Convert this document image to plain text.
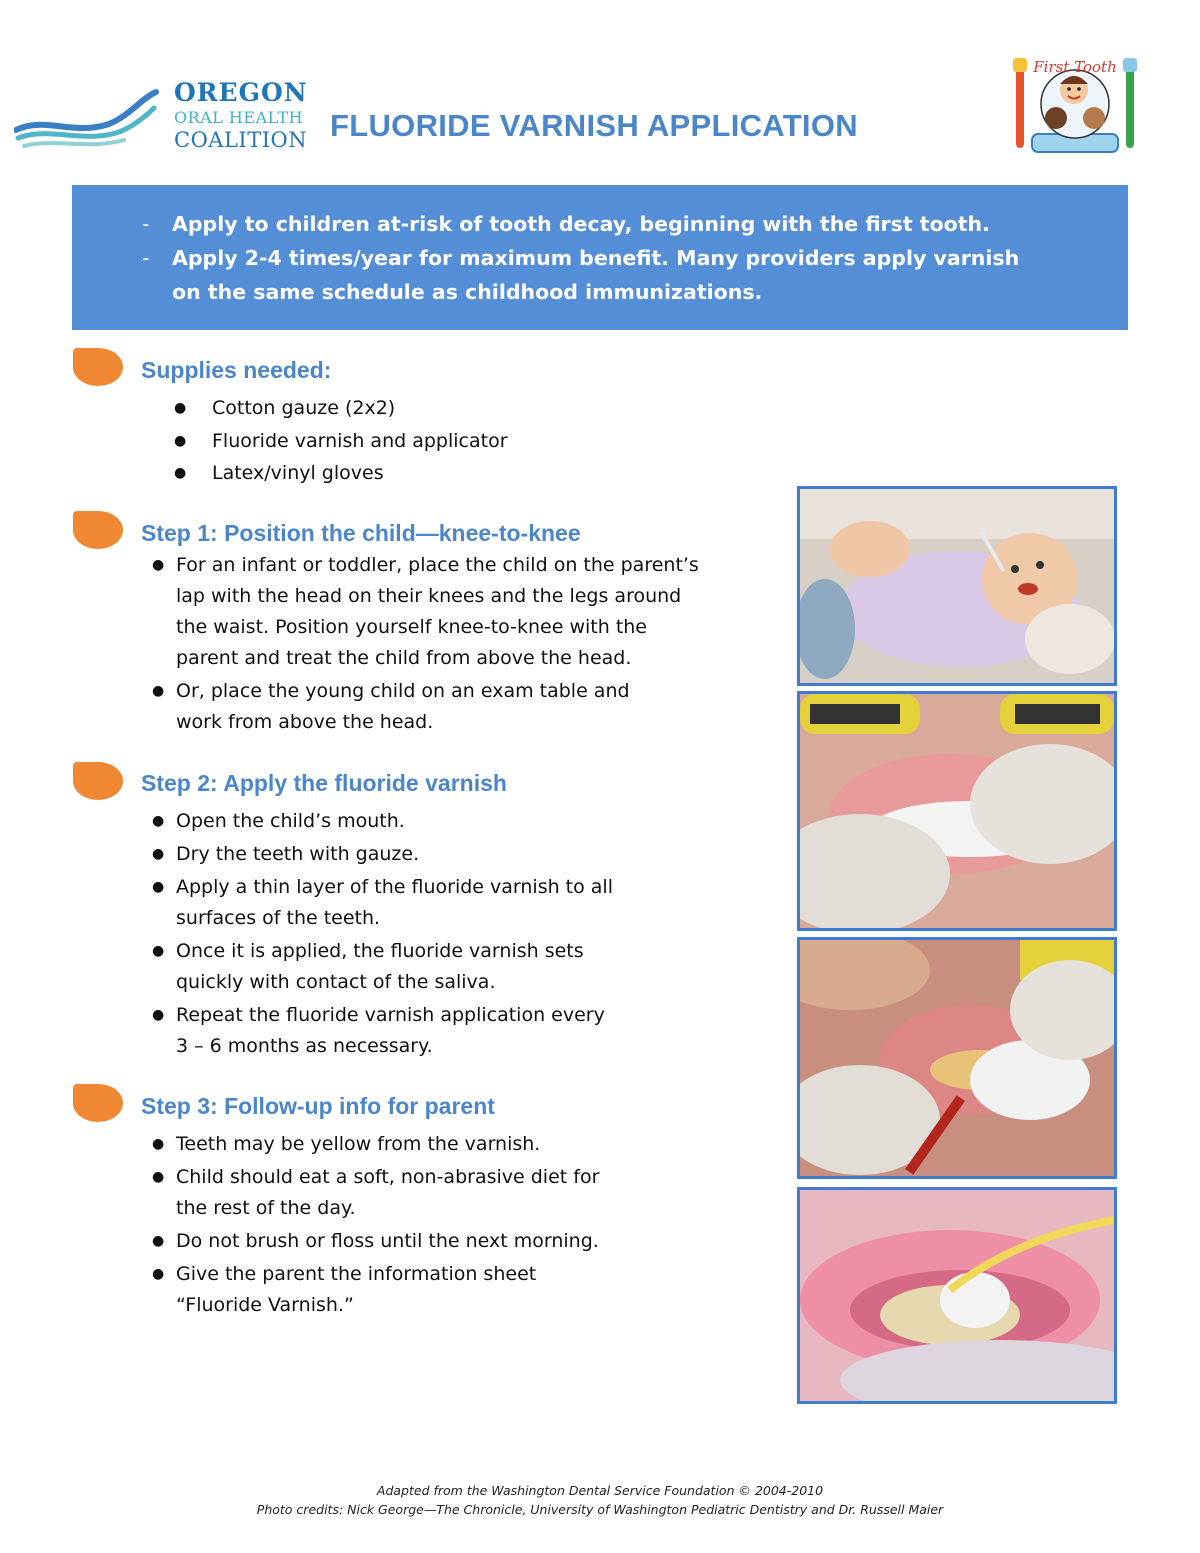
OREGON
ORAL HEALTH
COALITION FLUORIDE VARNISH APPLICATION
First Tooth
- Apply to children at-risk of tooth decay, beginning with the first tooth.
- Apply 2-4 times/year for maximum benefit. Many providers apply varnish
on the same schedule as childhood immunizations.
Supplies needed:
● Cotton gauze (2x2)
● Fluoride varnish and applicator
● Latex/vinyl gloves
Step 1: Position the child—knee-to-knee
● For an infant or toddler, place the child on the parent’s
lap with the head on their knees and the legs around
the waist. Position yourself knee-to-knee with the
parent and treat the child from above the head.
● Or, place the young child on an exam table and
work from above the head.
Step 2: Apply the fluoride varnish
● Open the child’s mouth.
● Dry the teeth with gauze.
● Apply a thin layer of the fluoride varnish to all
surfaces of the teeth.
● Once it is applied, the fluoride varnish sets
quickly with contact of the saliva.
● Repeat the fluoride varnish application every
3 – 6 months as necessary.
Step 3: Follow-up info for parent
● Teeth may be yellow from the varnish.
● Child should eat a soft, non-abrasive diet for
the rest of the day.
● Do not brush or floss until the next morning.
● Give the parent the information sheet
“Fluoride Varnish.”
Adapted from the Washington Dental Service Foundation © 2004-2010
Photo credits: Nick George—The Chronicle, University of Washington Pediatric Dentistry and Dr. Russell Maier
